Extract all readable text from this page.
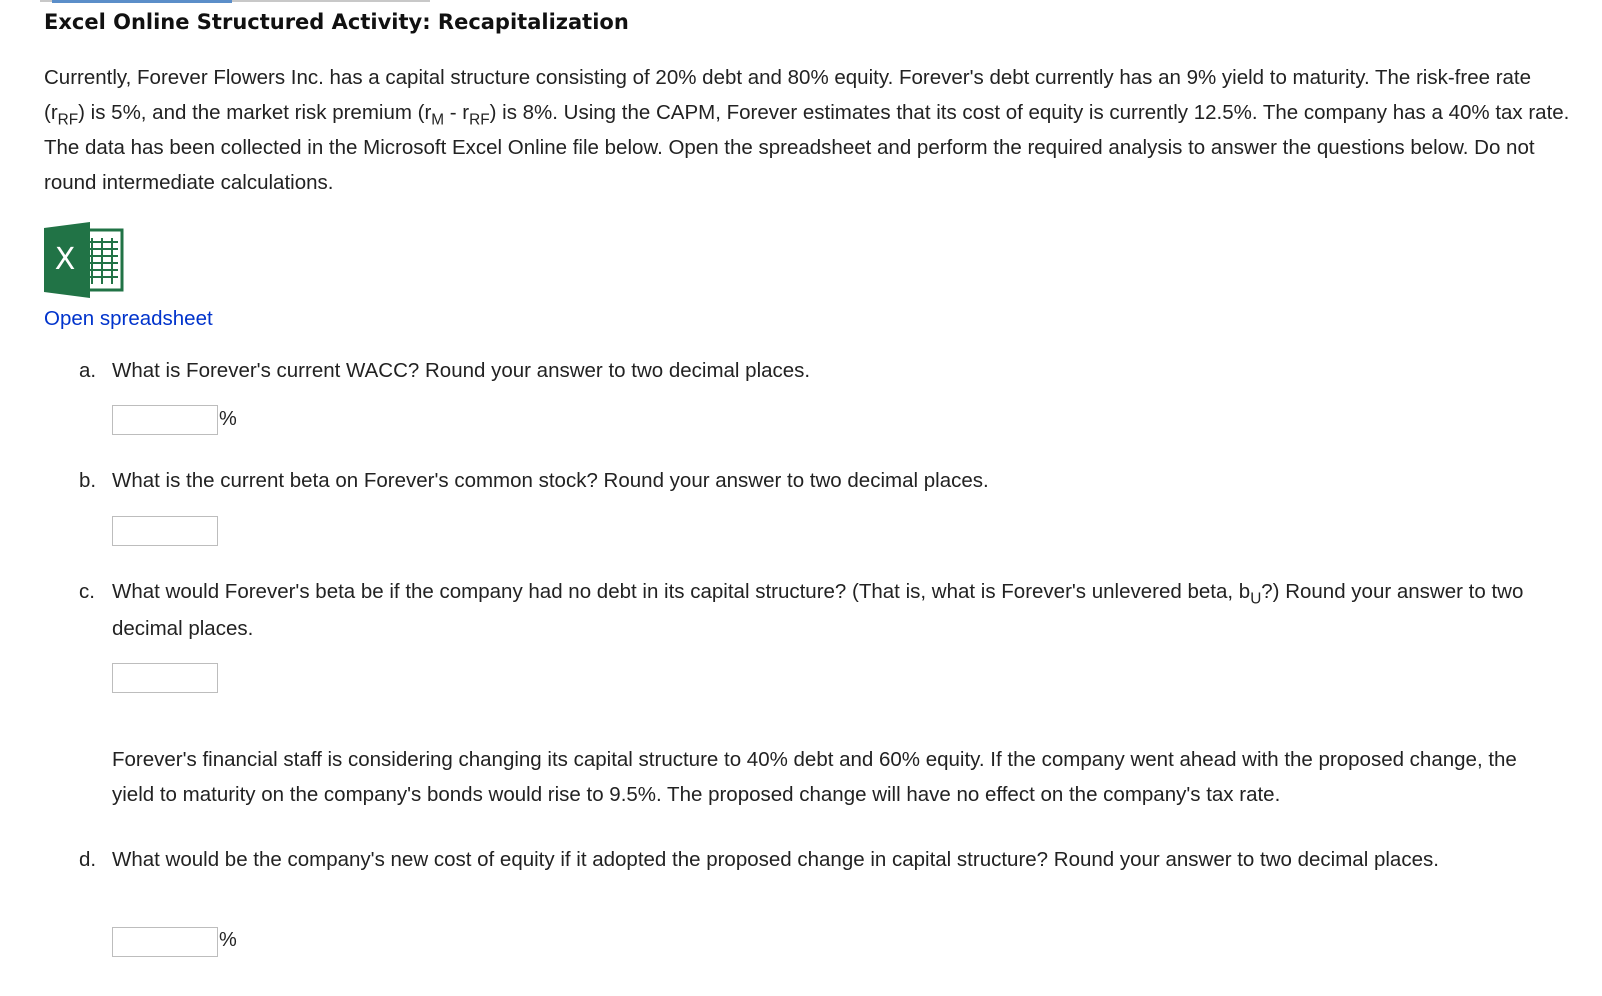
Excel Online Structured Activity: Recapitalization
Currently, Forever Flowers Inc. has a capital structure consisting of 20% debt and 80% equity. Forever's debt currently has an 9% yield to maturity. The risk-free rate $(r_{RF})$ is 5%, and the market risk premium $(r_M - r_{RF})$ is 8%. Using the CAPM, Forever estimates that its cost of equity is currently 12.5%. The company has a 40% tax rate. The data has been collected in the Microsoft Excel Online file below. Open the spreadsheet and perform the required analysis to answer the questions below. Do not round intermediate calculations.
X
Open spreadsheet
a. What is Forever's current WACC? Round your answer to two decimal places.
%
b. What is the current beta on Forever's common stock? Round your answer to two decimal places.
c. What would Forever's beta be if the company had no debt in its capital structure? (That is, what is Forever's unlevered beta, $b_U$?) Round your answer to two decimal places.
Forever's financial staff is considering changing its capital structure to 40% debt and 60% equity. If the company went ahead with the proposed change, the yield to maturity on the company's bonds would rise to 9.5%. The proposed change will have no effect on the company's tax rate.
d. What would be the company's new cost of equity if it adopted the proposed change in capital structure? Round your answer to two decimal places.
%
